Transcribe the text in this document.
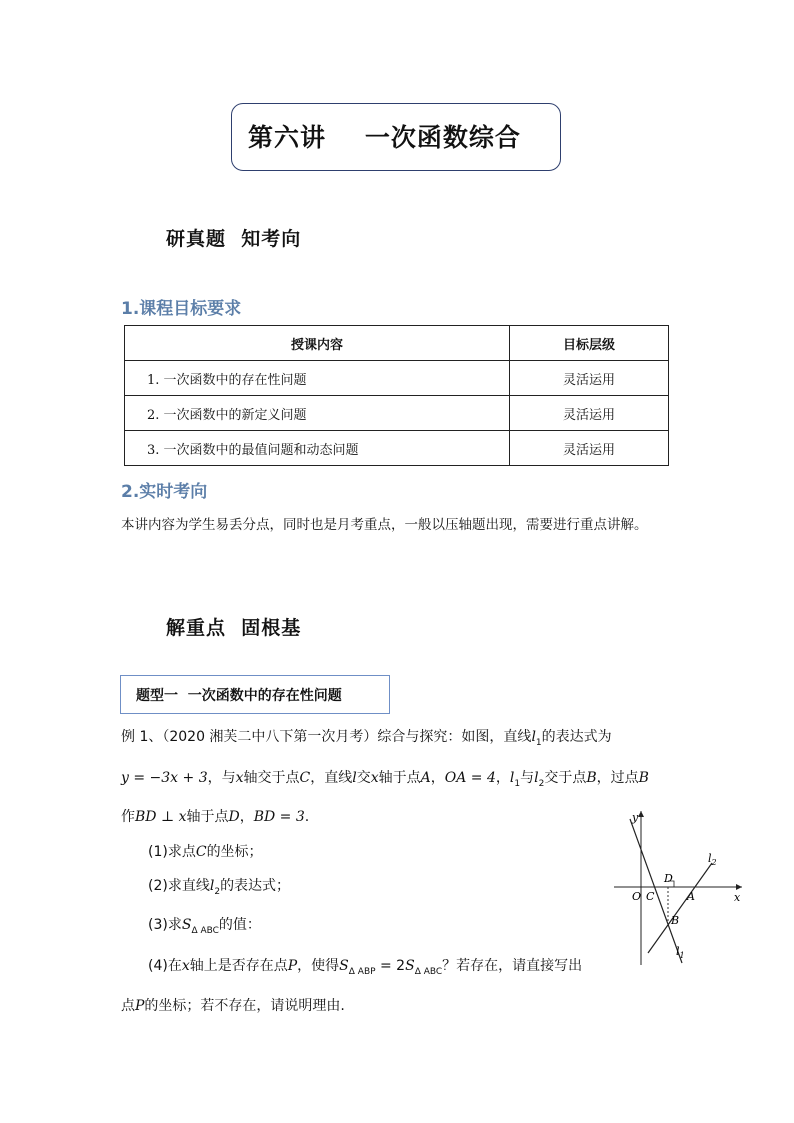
第六讲    一次函数综合
研真题  知考向
1.课程目标要求
授课内容	目标层级
1. 一次函数中的存在性问题	灵活运用
2. 一次函数中的新定义问题	灵活运用
3. 一次函数中的最值问题和动态问题	灵活运用
2.实时考向
本讲内容为学生易丢分点，同时也是月考重点，一般以压轴题出现，需要进行重点讲解。
解重点  固根基
题型一  一次函数中的存在性问题
例 1、（2020 湘芙二中八下第一次月考）综合与探究：如图，直线$l_1$的表达式为
y = −3x + 3，与x轴交于点C，直线l交x轴于点A，OA = 4，$l_1$与$l_2$交于点B，过点B
作BD ⊥ x轴于点D，BD = 3.
(1)求点C的坐标；
(2)求直线$l_2$的表达式；
(3)求$S_{\Delta ABC}$的值：
(4)在x轴上是否存在点P，使得$S_{\Delta ABP} = 2S_{\Delta ABC}$？若存在，请直接写出
点P的坐标；若不存在，请说明理由.
y
x
O C
D
A
B
$l_2$
$l_1$
